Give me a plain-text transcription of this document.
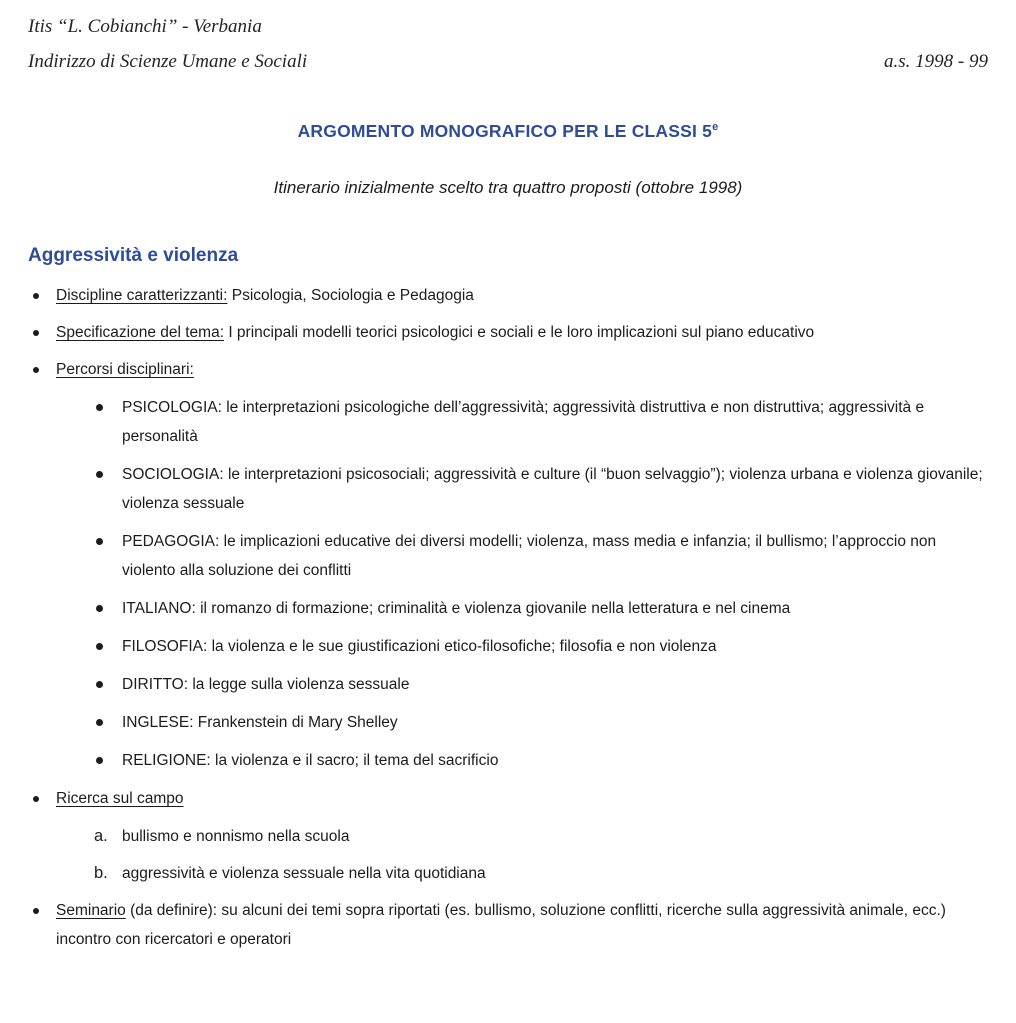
Itis “L. Cobianchi” - Verbania
Indirizzo di Scienze Umane e Sociali	a.s. 1998 - 99
ARGOMENTO MONOGRAFICO PER LE CLASSI 5e

Itinerario inizialmente scelto tra quattro proposti (ottobre 1998)

Aggressività e violenza
Discipline caratterizzanti: Psicologia, Sociologia e Pedagogia
Specificazione del tema: I principali modelli teorici psicologici e sociali e le loro implicazioni sul piano educativo
Percorsi disciplinari:
PSICOLOGIA: le interpretazioni psicologiche dell’aggressività; aggressività distruttiva e non distruttiva; aggressività e personalità
SOCIOLOGIA: le interpretazioni psicosociali; aggressività e culture (il “buon selvaggio”); violenza urbana e violenza giovanile; violenza sessuale
PEDAGOGIA: le implicazioni educative dei diversi modelli; violenza, mass media e infanzia; il bullismo; l’approccio non violento alla soluzione dei conflitti
ITALIANO: il romanzo di formazione; criminalità e violenza giovanile nella letteratura e nel cinema
FILOSOFIA: la violenza e le sue giustificazioni etico-filosofiche; filosofia e non violenza
DIRITTO: la legge sulla violenza sessuale
INGLESE: Frankenstein di Mary Shelley
RELIGIONE: la violenza e il sacro; il tema del sacrificio
Ricerca sul campo
a. bullismo e nonnismo nella scuola
b. aggressività e violenza sessuale nella vita quotidiana
Seminario (da definire): su alcuni dei temi sopra riportati (es. bullismo, soluzione conflitti, ricerche sulla aggressività animale, ecc.) incontro con ricercatori e operatori
